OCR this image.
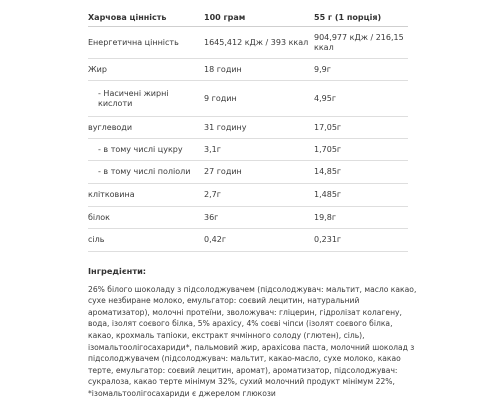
Харчова цінність	100 грам	55 г (1 порція)
Енергетична цінність	1645,412 кДж / 393 ккал	904,977 кДж / 216,15 ккал
Жир	18 годин	9,9г
- Насичені жирні кислоти	9 годин	4,95г
вуглеводи	31 годину	17,05г
- в тому числі цукру	3,1г	1,705г
- в тому числі поліоли	27 годин	14,85г
клітковина	2,7г	1,485г
білок	36г	19,8г
сіль	0,42г	0,231г
Інгредієнти:

26% білого шоколаду з підсолоджувачем (підсолоджувач: мальтит, масло какао, сухе незбиране молоко, емульгатор: соєвий лецитин, натуральний ароматизатор), молочні протеїни, зволожувач: гліцерин, гідролізат колагену, вода, ізолят соєвого білка, 5% арахісу, 4% соєві чіпси (ізолят соєвого білка, какао, крохмаль тапіоки, екстракт ячмінного солоду (глютен), сіль), ізомальтоолігосахариди*, пальмовий жир, арахісова паста, молочний шоколад з підсолоджувачем (підсолоджувач: мальтит, какао-масло, сухе молоко, какао терте, емульгатор: соєвий лецитин, аромат), ароматизатор, підсолоджувач: сукралоза, какао терте мінімум 32%, сухий молочний продукт мінімум 22%, *ізомальтоолігосахариди є джерелом глюкози
